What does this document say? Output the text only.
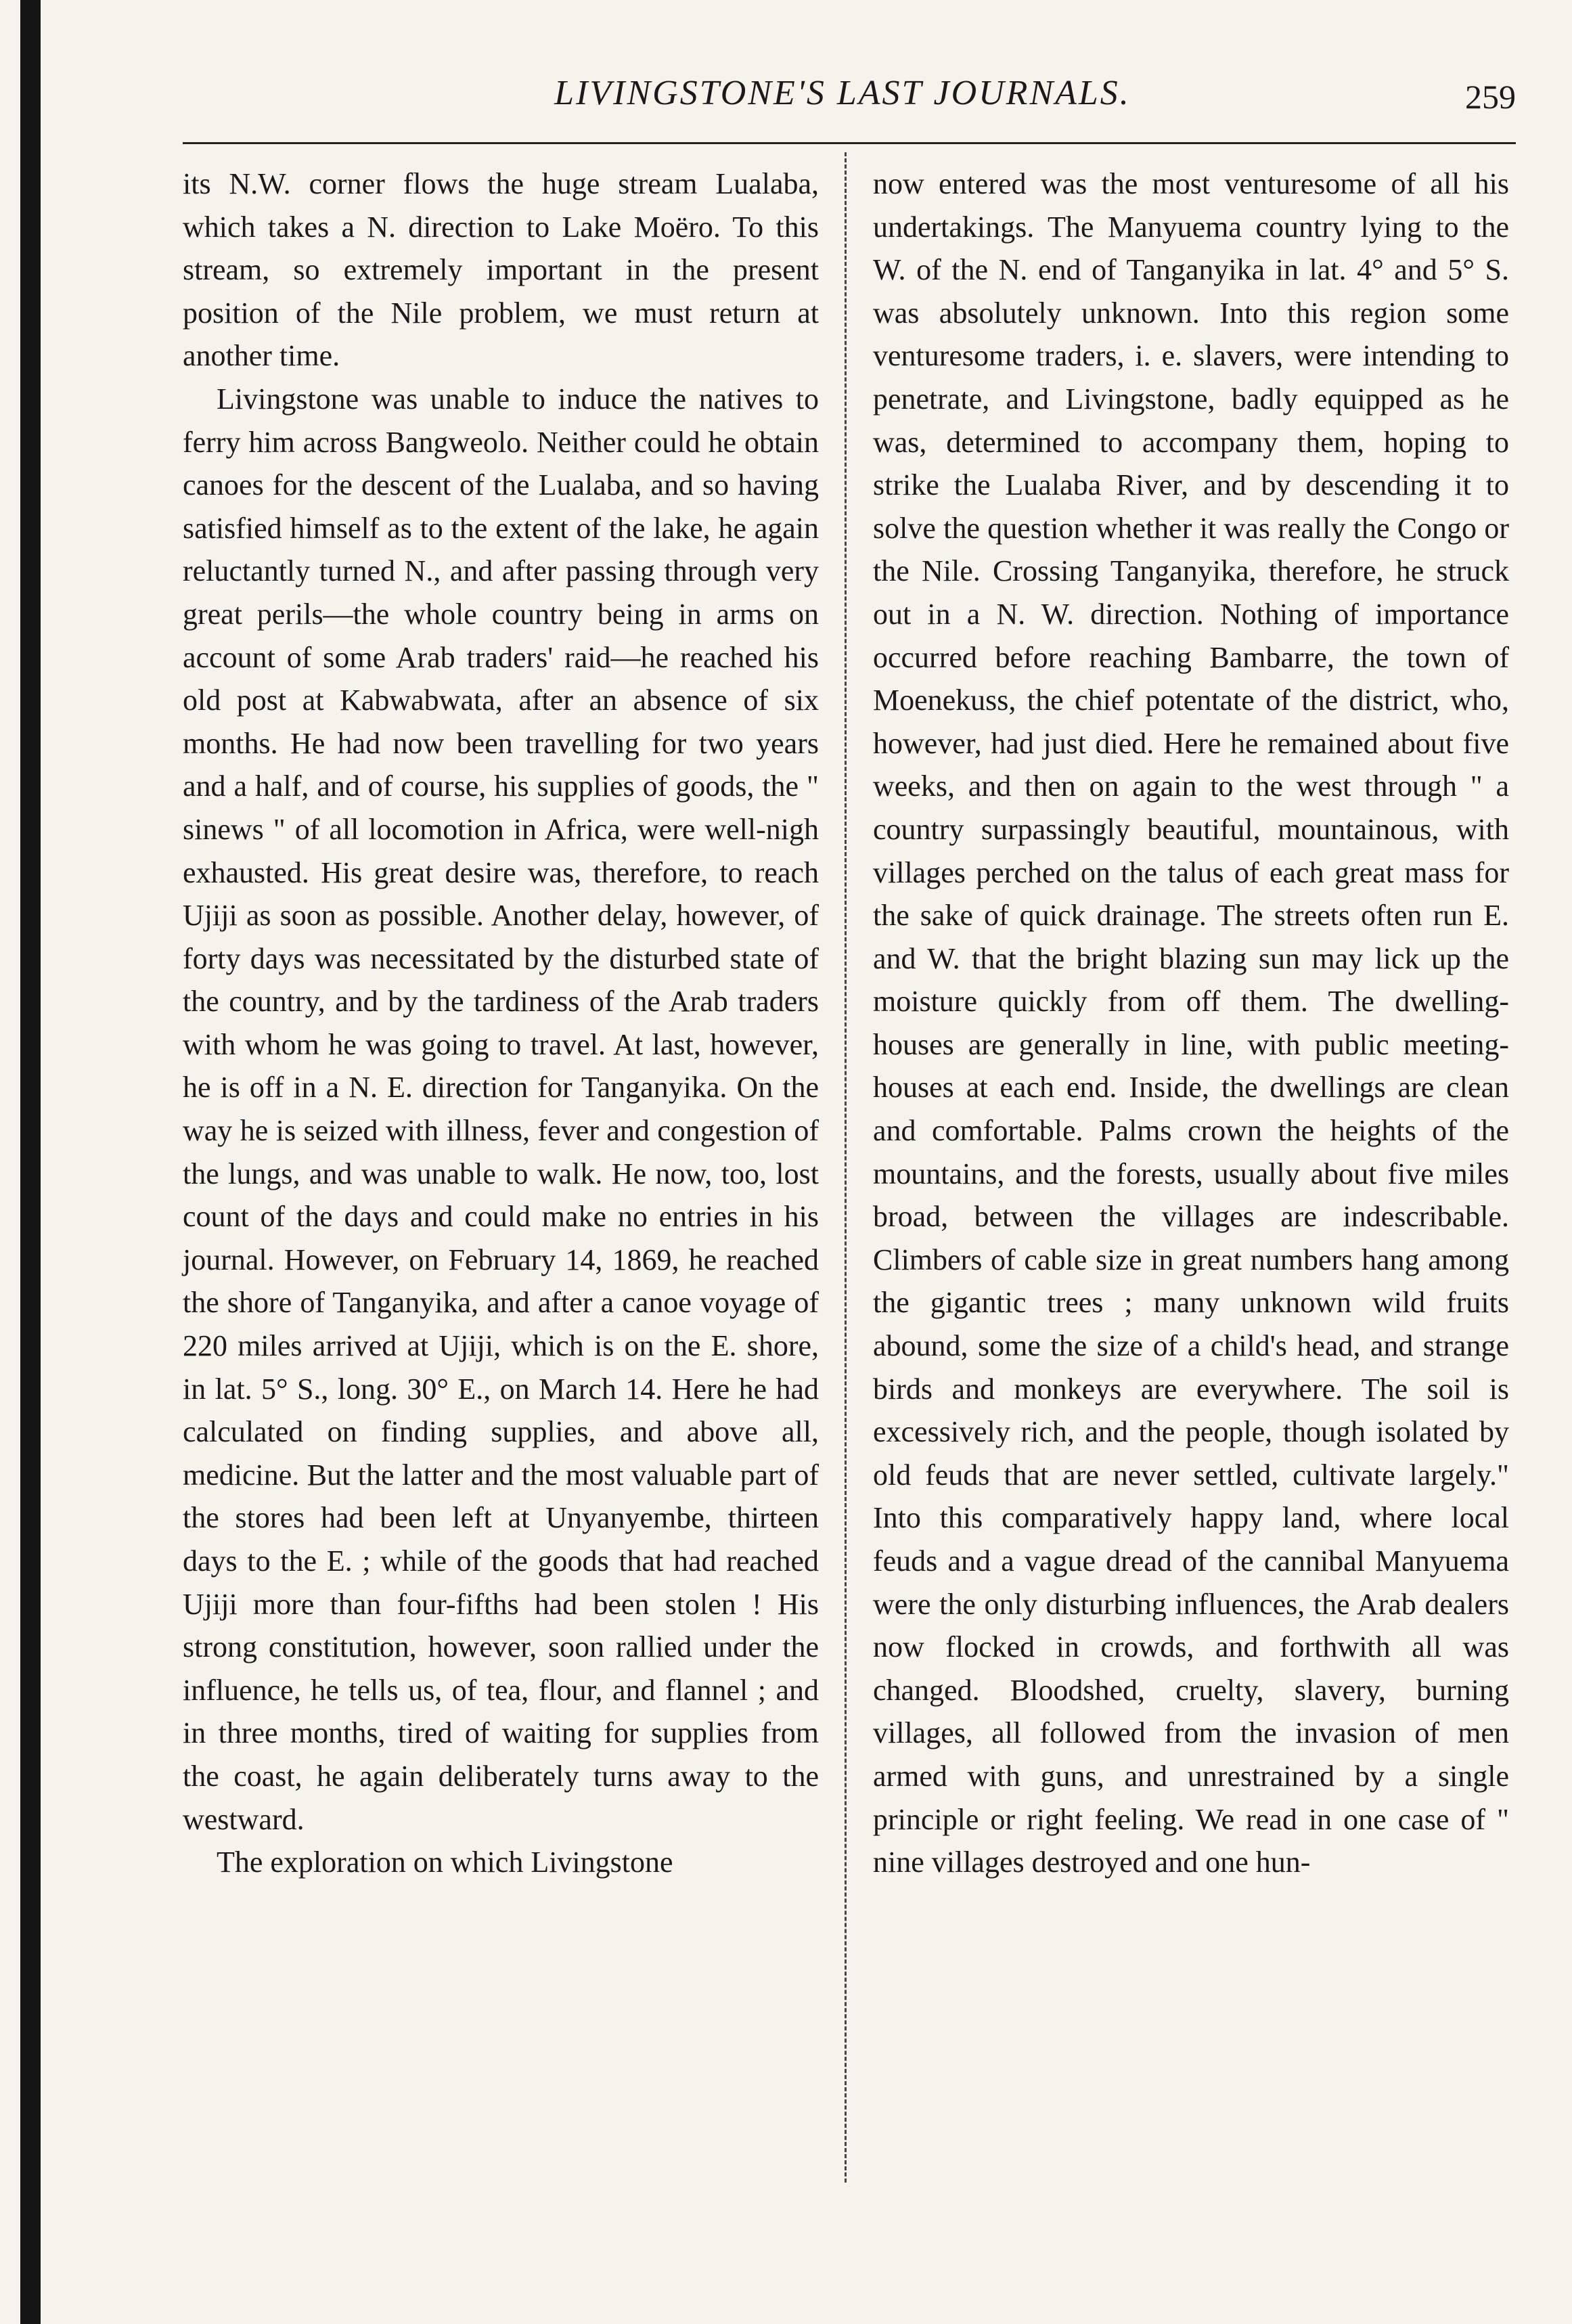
LIVINGSTONE'S LAST JOURNALS.	259

its N.W. corner flows the huge stream Lualaba, which takes a N. direction to Lake Moëro. To this stream, so extremely important in the present position of the Nile problem, we must return at another time.

Livingstone was unable to induce the natives to ferry him across Bangweolo. Neither could he obtain canoes for the descent of the Lualaba, and so having satisfied himself as to the extent of the lake, he again reluctantly turned N., and after passing through very great perils—the whole country being in arms on account of some Arab traders' raid—he reached his old post at Kabwabwata, after an absence of six months. He had now been travelling for two years and a half, and of course, his supplies of goods, the " sinews " of all locomotion in Africa, were well-nigh exhausted. His great desire was, therefore, to reach Ujiji as soon as possible. Another delay, however, of forty days was necessitated by the disturbed state of the country, and by the tardiness of the Arab traders with whom he was going to travel. At last, however, he is off in a N. E. direction for Tanganyika. On the way he is seized with illness, fever and congestion of the lungs, and was unable to walk. He now, too, lost count of the days and could make no entries in his journal. However, on February 14, 1869, he reached the shore of Tanganyika, and after a canoe voyage of 220 miles arrived at Ujiji, which is on the E. shore, in lat. 5° S., long. 30° E., on March 14. Here he had calculated on finding supplies, and above all, medicine. But the latter and the most valuable part of the stores had been left at Unyanyembe, thirteen days to the E. ; while of the goods that had reached Ujiji more than four-fifths had been stolen ! His strong constitution, however, soon rallied under the influence, he tells us, of tea, flour, and flannel ; and in three months, tired of waiting for supplies from the coast, he again deliberately turns away to the westward.

The exploration on which Livingstone

now entered was the most venturesome of all his undertakings. The Manyuema country lying to the W. of the N. end of Tanganyika in lat. 4° and 5° S. was absolutely unknown. Into this region some venturesome traders, i. e. slavers, were intending to penetrate, and Livingstone, badly equipped as he was, determined to accompany them, hoping to strike the Lualaba River, and by descending it to solve the question whether it was really the Congo or the Nile. Crossing Tanganyika, therefore, he struck out in a N. W. direction. Nothing of importance occurred before reaching Bambarre, the town of Moenekuss, the chief potentate of the district, who, however, had just died. Here he remained about five weeks, and then on again to the west through " a country surpassingly beautiful, mountainous, with villages perched on the talus of each great mass for the sake of quick drainage. The streets often run E. and W. that the bright blazing sun may lick up the moisture quickly from off them. The dwelling-houses are generally in line, with public meeting-houses at each end. Inside, the dwellings are clean and comfortable. Palms crown the heights of the mountains, and the forests, usually about five miles broad, between the villages are indescribable. Climbers of cable size in great numbers hang among the gigantic trees ; many unknown wild fruits abound, some the size of a child's head, and strange birds and monkeys are everywhere. The soil is excessively rich, and the people, though isolated by old feuds that are never settled, cultivate largely." Into this comparatively happy land, where local feuds and a vague dread of the cannibal Manyuema were the only disturbing influences, the Arab dealers now flocked in crowds, and forthwith all was changed. Bloodshed, cruelty, slavery, burning villages, all followed from the invasion of men armed with guns, and unrestrained by a single principle or right feeling. We read in one case of " nine villages destroyed and one hun-
